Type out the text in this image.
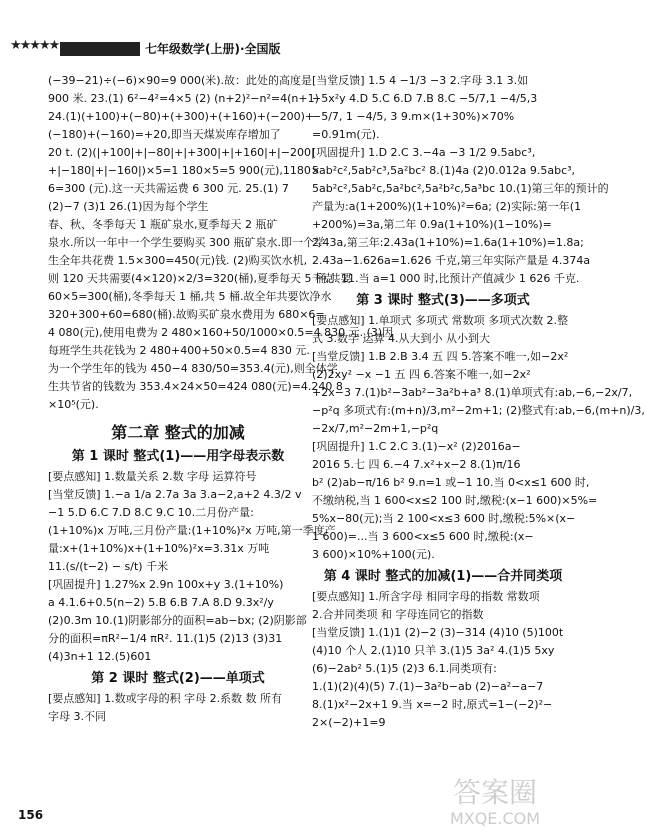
★★★★★	七年级数学(上册)·全国版
(−39−21)÷(−6)×90=9 000(米).故：此处的高度是
900 米. 23.(1) 6²−4²=4×5 (2) (n+2)²−n²=4(n+1)
24.(1)(+100)+(−80)+(+300)+(+160)+(−200)+
(−180)+(−160)=+20,即当天煤炭库存增加了
20 t. (2)(|+100|+|−80|+|+300|+|+160|+|−200|
+|−180|+|−160|)×5=1 180×5=5 900(元),1180×
6=300 (元).这一天共需运费 6 300 元. 25.(1) 7
(2)−7 (3)1 26.(1)因为每个学生
春、秋、冬季每天 1 瓶矿泉水,夏季每天 2 瓶矿
泉水.所以一年中一个学生要购买 300 瓶矿泉水.即一个学
生全年共花费 1.5×300=450(元)钱. (2)购买饮水机,
则 120 天共需要(4×120)×2/3=320(桶),夏季每天 5 桶,共要
60×5=300(桶),冬季每天 1 桶,共 5 桶.故全年共要饮净水
320+300+60=680(桶).故购买矿泉水费用为 680×6=
4 080(元),使用电费为 2 480×160+50/1000×0.5=4 830 元. (3)因
每班学生共花钱为 2 480+400+50×0.5=4 830 元.
为一个学生年的钱为 450−4 830/50=353.4(元),则全体学
生共节省的钱数为 353.4×24×50=424 080(元)=4.240 8
×10⁵(元).
第二章 整式的加减
第 1 课时 整式(1)——用字母表示数
[要点感知] 1.数量关系 2.数 字母 运算符号
[当堂反馈] 1.−a 1/a 2.7a 3a 3.a−2,a+2 4.3/2 v
−1 5.D 6.C 7.D 8.C 9.C 10.二月份产量:
(1+10%)x 万吨,三月份产量:(1+10%)²x 万吨,第一季度产
量:x+(1+10%)x+(1+10%)²x=3.31x 万吨
11.(s/(t−2) − s/t) 千米
[巩固提升] 1.27%x 2.9n 100x+y 3.(1+10%)
a 4.1.6+0.5(n−2) 5.B 6.B 7.A 8.D 9.3x²/y
(2)0.3m 10.(1)阴影部分的面积=ab−bx; (2)阴影部
分的面积=πR²−1/4 πR². 11.(1)5 (2)13 (3)31
(4)3n+1 12.(5)601
第 2 课时 整式(2)——单项式
[要点感知] 1.数或字母的积 字母 2.系数 数 所有
字母 3.不同
[当堂反馈] 1.5 4 −1/3 −3 2.字母 3.1 3.如
−5x²y 4.D 5.C 6.D 7.B 8.C −5/7,1 −4/5,3
−5/7, 1 −4/5, 3 9.m×(1+30%)×70%
=0.91m(元).
[巩固提升] 1.D 2.C 3.−4a −3 1/2 9.5abc³,
5ab²c²,5ab²c³,5a²bc² 8.(1)4a (2)0.012a 9.5abc³,
5ab²c²,5ab²c,5a²bc²,5a²b²c,5a³bc 10.(1)第三年的预计的
产量为:a(1+200%)(1+10%)²=6a; (2)实际:第一年(1
+200%)=3a,第二年 0.9a(1+10%)(1−10%)=
2.43a,第三年:2.43a(1+10%)=1.6a(1+10%)=1.8a;
2.43a−1.626a=1.626 千克,第三年实际产量是 4.374a
千克. 11.当 a=1 000 时,比预计产值减少 1 626 千克.
第 3 课时 整式(3)——多项式
[要点感知] 1.单项式 多项式 常数项 多项式次数 2.整
式 3.数字 运算 4.从大到小 从小到大
[当堂反馈] 1.B 2.B 3.4 五 四 5.答案不唯一,如−2x²
(2)2xy² −x −1 五 四 6.答案不唯一,如−2x²
+2x−3 7.(1)b²−3ab²−3a²b+a³ 8.(1)单项式有:ab,−6,−2x/7,
−p²q 多项式有:(m+n)/3,m²−2m+1; (2)整式有:ab,−6,(m+n)/3,
−2x/7,m²−2m+1,−p²q
[巩固提升] 1.C 2.C 3.(1)−x² (2)2016a−
2016 5.七 四 6.−4 7.x²+x−2 8.(1)π/16
b² (2)ab−π/16 b² 9.n=1 或−1 10.当 0<x≤1 600 时,
不缴纳税,当 1 600<x≤2 100 时,缴税:(x−1 600)×5%=
5%x−80(元);当 2 100<x≤3 600 时,缴税:5%×(x−
1 600)=...当 3 600<x≤5 600 时,缴税:(x−
3 600)×10%+100(元).
第 4 课时 整式的加减(1)——合并同类项
[要点感知] 1.所含字母 相同字母的指数 常数项
2.合并同类项 和 字母连同它的指数
[当堂反馈] 1.(1)1 (2)−2 (3)−314 (4)10 (5)100t
(4)10 个人 2.(1)10 只羊 3.(1)5 3a² 4.(1)5 5xy
(6)−2ab² 5.(1)5 (2)3 6.1.同类项有:
1.(1)(2)(4)(5) 7.(1)−3a²b−ab (2)−a²−a−7
8.(1)x²−2x+1 9.当 x=−2 时,原式=1−(−2)²−
2×(−2)+1=9
答案圈
MXQE.COM
156
